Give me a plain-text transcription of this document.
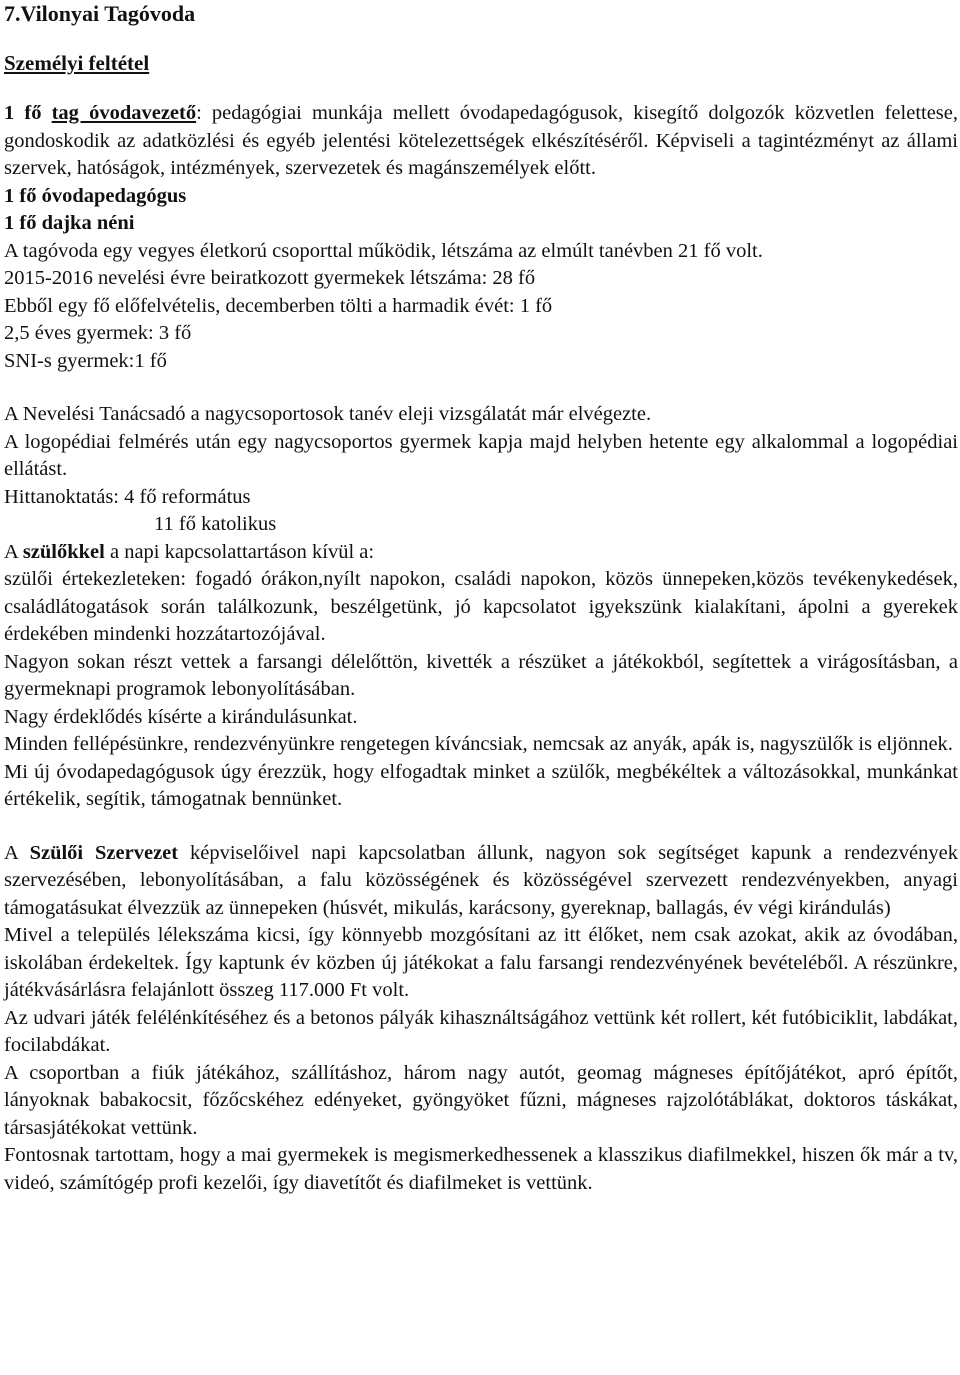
7.Vilonyai Tagóvoda

Személyi feltétel

1 fő tag óvodavezető: pedagógiai munkája mellett óvodapedagógusok, kisegítő dolgozók közvetlen felettese, gondoskodik az adatközlési és egyéb jelentési kötelezettségek elkészítéséről. Képviseli a tagintézményt az állami szervek, hatóságok, intézmények, szervezetek és magánszemélyek előtt.

1 fő óvodapedagógus

1 fő dajka néni

A tagóvoda egy vegyes életkorú csoporttal működik, létszáma az elmúlt tanévben 21 fő volt.

2015-2016 nevelési évre beiratkozott gyermekek létszáma: 28 fő

Ebből egy fő előfelvételis, decemberben tölti a harmadik évét: 1 fő

2,5 éves gyermek: 3 fő

SNI-s gyermek:1 fő

A Nevelési Tanácsadó a nagycsoportosok tanév eleji vizsgálatát már elvégezte.

A logopédiai felmérés után egy nagycsoportos gyermek kapja majd helyben hetente egy alkalommal a logopédiai ellátást.

Hittanoktatás: 4 fő református

11 fő katolikus

A szülőkkel a napi kapcsolattartáson kívül a:

szülői értekezleteken: fogadó órákon,nyílt napokon, családi napokon, közös ünnepeken,közös tevékenykedések, családlátogatások során találkozunk, beszélgetünk, jó kapcsolatot igyekszünk kialakítani, ápolni a gyerekek érdekében mindenki hozzátartozójával.

Nagyon sokan részt vettek a farsangi délelőttön, kivették a részüket a játékokból, segítettek a virágosításban, a gyermeknapi programok lebonyolításában.

Nagy érdeklődés kísérte a kirándulásunkat.

Minden fellépésünkre, rendezvényünkre rengetegen kíváncsiak, nemcsak az anyák, apák is, nagyszülők is eljönnek.

Mi új óvodapedagógusok úgy érezzük, hogy elfogadtak minket a szülők, megbékéltek a változásokkal, munkánkat értékelik, segítik, támogatnak bennünket.

A Szülői Szervezet képviselőivel napi kapcsolatban állunk, nagyon sok segítséget kapunk a rendezvények szervezésében, lebonyolításában, a falu közösségének és közösségével szervezett rendezvényekben, anyagi támogatásukat élvezzük az ünnepeken (húsvét, mikulás, karácsony, gyereknap, ballagás, év végi kirándulás)

Mivel a település lélekszáma kicsi, így könnyebb mozgósítani az itt élőket, nem csak azokat, akik az óvodában, iskolában érdekeltek. Így kaptunk év közben új játékokat a falu farsangi rendezvényének bevételéből. A részünkre, játékvásárlásra felajánlott összeg 117.000 Ft volt.

Az udvari játék felélénkítéséhez és a betonos pályák kihasználtságához vettünk két rollert, két futóbiciklit, labdákat, focilabdákat.

A csoportban a fiúk játékához, szállításhoz, három nagy autót, geomag mágneses építőjátékot, apró építőt, lányoknak babakocsit, főzőcskéhez edényeket, gyöngyöket fűzni, mágneses rajzolótáblákat, doktoros táskákat, társasjátékokat vettünk.

Fontosnak tartottam, hogy a mai gyermekek is megismerkedhessenek a klasszikus diafilmekkel, hiszen ők már a tv, videó, számítógép profi kezelői, így diavetítőt és diafilmeket is vettünk.
